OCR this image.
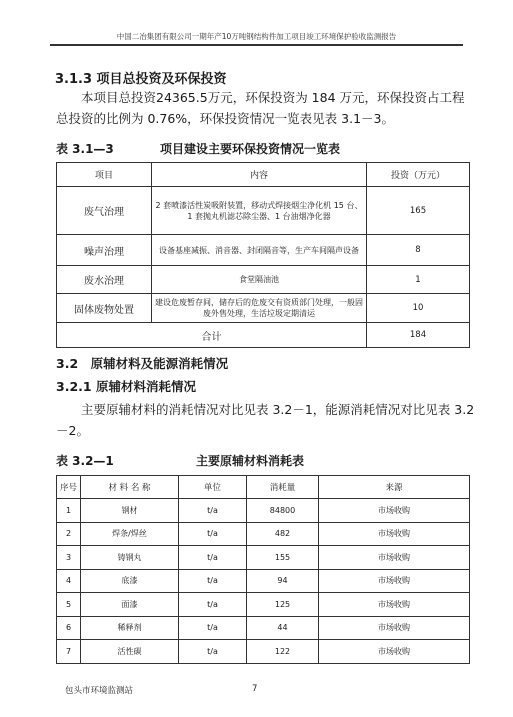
中国二冶集团有限公司一期年产10万吨钢结构件加工项目竣工环境保护验收监测报告
3.1.3 项目总投资及环保投资

本项目总投资24365.5万元，环保投资为 184 万元，环保投资占工程

总投资的比例为 0.76%，环保投资情况一览表见表 3.1－3。

表 3.1—3	项目建设主要环保投资情况一览表
项目	内容	投资（万元）
废气治理	2 套喷漆活性炭吸附装置，移动式焊接烟尘净化机 15 台、1 套抛丸机滤芯除尘器、1 台油烟净化器	165
噪声治理	设备基座减振、消音器、封闭隔音等，生产车间隔声设备	8
废水治理	食堂隔油池	1
固体废物处置	建设危废暂存间，储存后的危废交有资质部门处理，一般固废外售处理，生活垃圾定期清运	10
合计		184
3.2　原辅材料及能源消耗情况
3.2.1 原辅材料消耗情况

主要原辅材料的消耗情况对比见表 3.2－1，能源消耗情况对比见表 3.2

－2。

表 3.2—1	主要原辅材料消耗表
序号	材 料 名 称	单位	消耗量	来源
1	钢材	t/a	84800	市场收购
2	焊条/焊丝	t/a	482	市场收购
3	铸钢丸	t/a	155	市场收购
4	底漆	t/a	94	市场收购
5	面漆	t/a	125	市场收购
6	稀释剂	t/a	44	市场收购
7	活性碳	t/a	122	市场收购
包头市环境监测站	7
